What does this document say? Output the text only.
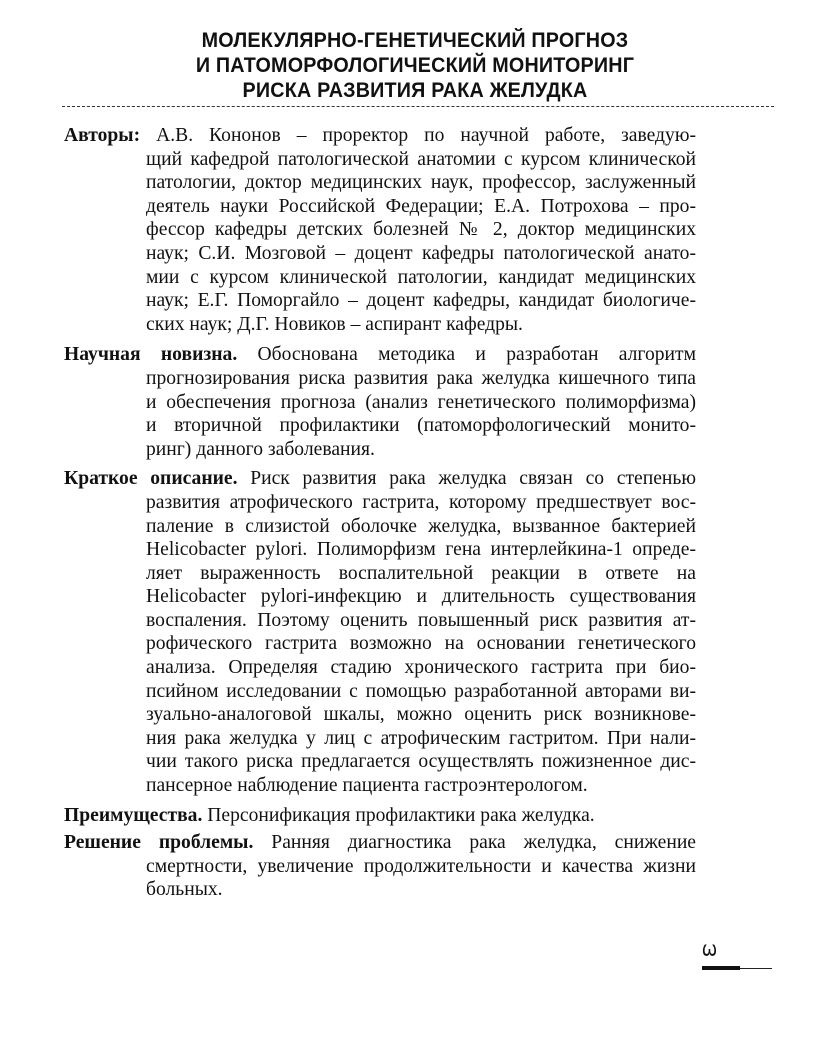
МОЛЕКУЛЯРНО-ГЕНЕТИЧЕСКИЙ ПРОГНОЗ
И ПАТОМОРФОЛОГИЧЕСКИЙ МОНИТОРИНГ
РИСКА РАЗВИТИЯ РАКА ЖЕЛУДКА
Авторы: А.В. Кононов – проректор по научной работе, заведую-
щий кафедрой патологической анатомии с курсом клинической
патологии, доктор медицинских наук, профессор, заслуженный
деятель науки Российской Федерации; Е.А. Потрохова – про-
фессор кафедры детских болезней № 2, доктор медицинских
наук; С.И. Мозговой – доцент кафедры патологической анато-
мии с курсом клинической патологии, кандидат медицинских
наук; Е.Г. Поморгайло – доцент кафедры, кандидат биологиче-
ских наук; Д.Г. Новиков – аспирант кафедры.
Научная новизна. Обоснована методика и разработан алгоритм
прогнозирования риска развития рака желудка кишечного типа
и обеспечения прогноза (анализ генетического полиморфизма)
и вторичной профилактики (патоморфологический монито-
ринг) данного заболевания.
Краткое описание. Риск развития рака желудка связан со степенью
развития атрофического гастрита, которому предшествует вос-
паление в слизистой оболочке желудка, вызванное бактерией
Helicobacter pylori. Полиморфизм гена интерлейкина-1 опреде-
ляет выраженность воспалительной реакции в ответе на
Helicobacter pylori-инфекцию и длительность существования
воспаления. Поэтому оценить повышенный риск развития ат-
рофического гастрита возможно на основании генетического
анализа. Определяя стадию хронического гастрита при био-
псийном исследовании с помощью разработанной авторами ви-
зуально-аналоговой шкалы, можно оценить риск возникнове-
ния рака желудка у лиц с атрофическим гастритом. При нали-
чии такого риска предлагается осуществлять пожизненное дис-
пансерное наблюдение пациента гастроэнтерологом.
Преимущества. Персонификация профилактики рака желудка.
Решение проблемы. Ранняя диагностика рака желудка, снижение
смертности, увеличение продолжительности и качества жизни
больных.
Ѡ
